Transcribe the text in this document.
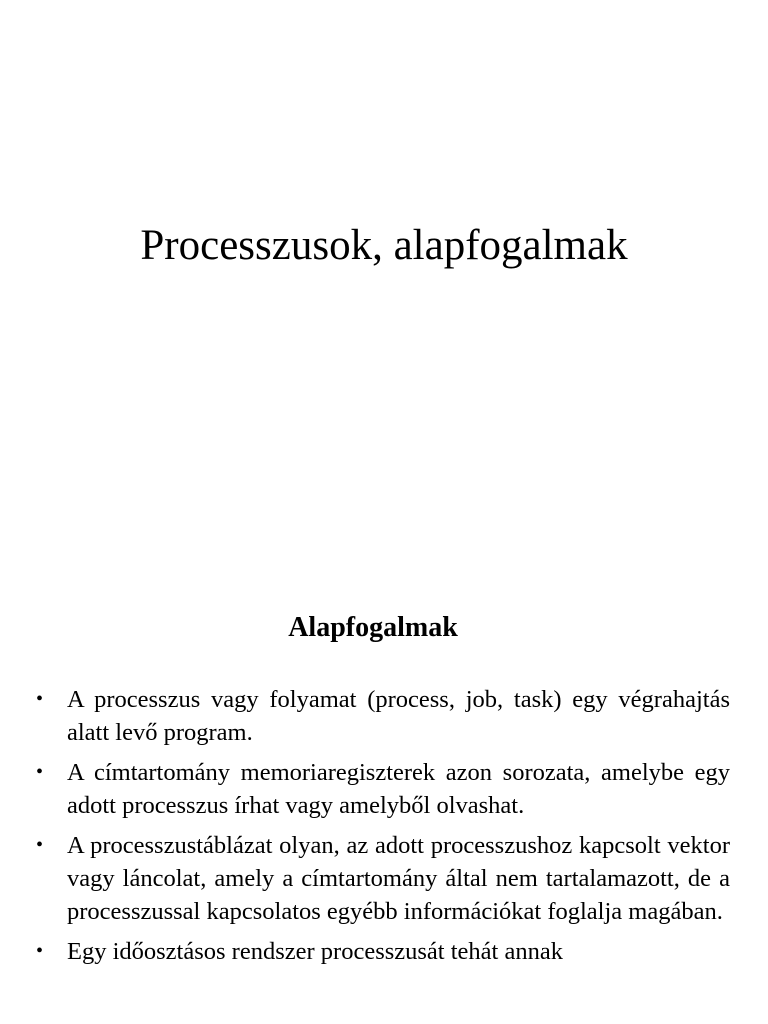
Processzusok, alapfogalmak
Alapfogalmak
• A processzus vagy folyamat (process, job, task) egy végrahajtás alatt levő program.
• A címtartomány memoriaregiszterek azon sorozata, amelybe egy adott processzus írhat vagy amelyből olvashat.
• A processzustáblázat olyan, az adott processzushoz kapcsolt vektor vagy láncolat, amely a címtartomány által nem tartalamazott, de a processzussal kapcsolatos egyébb információkat foglalja magában.
• Egy időosztásos rendszer processzusát tehát annak
